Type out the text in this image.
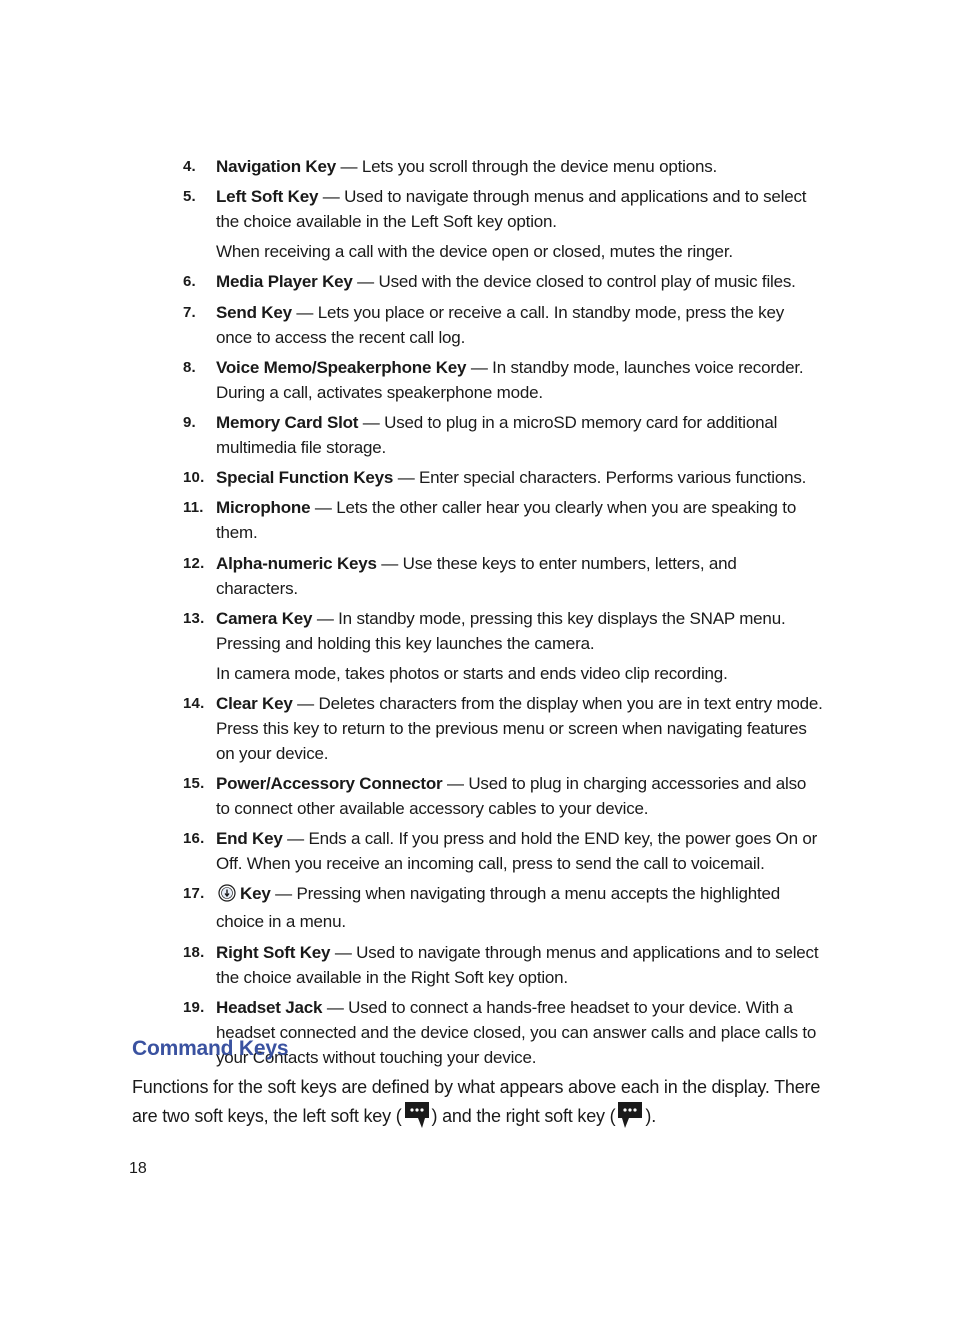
4.	Navigation Key — Lets you scroll through the device menu options.
5.	Left Soft Key — Used to navigate through menus and applications and to select the choice available in the Left Soft key option.
When receiving a call with the device open or closed, mutes the ringer.
6.	Media Player Key — Used with the device closed to control play of music files.
7.	Send Key — Lets you place or receive a call. In standby mode, press the key once to access the recent call log.
8.	Voice Memo/Speakerphone Key — In standby mode, launches voice recorder. During a call, activates speakerphone mode.
9.	Memory Card Slot — Used to plug in a microSD memory card for additional multimedia file storage.
10. Special Function Keys — Enter special characters. Performs various functions.
11. Microphone — Lets the other caller hear you clearly when you are speaking to them.
12. Alpha-numeric Keys — Use these keys to enter numbers, letters, and characters.
13. Camera Key — In standby mode, pressing this key displays the SNAP menu. Pressing and holding this key launches the camera.
In camera mode, takes photos or starts and ends video clip recording.
14. Clear Key — Deletes characters from the display when you are in text entry mode. Press this key to return to the previous menu or screen when navigating features on your device.
15. Power/Accessory Connector — Used to plug in charging accessories and also to connect other available accessory cables to your device.
16. End Key — Ends a call. If you press and hold the END key, the power goes On or Off. When you receive an incoming call, press to send the call to voicemail.
17.	Key — Pressing when navigating through a menu accepts the highlighted choice in a menu.
18. Right Soft Key — Used to navigate through menus and applications and to select the choice available in the Right Soft key option.
19. Headset Jack — Used to connect a hands-free headset to your device. With a headset connected and the device closed, you can answer calls and place calls to your Contacts without touching your device.
Command Keys
Functions for the soft keys are defined by what appears above each in the display. There are two soft keys, the left soft key ( ) and the right soft key ( ).
18
